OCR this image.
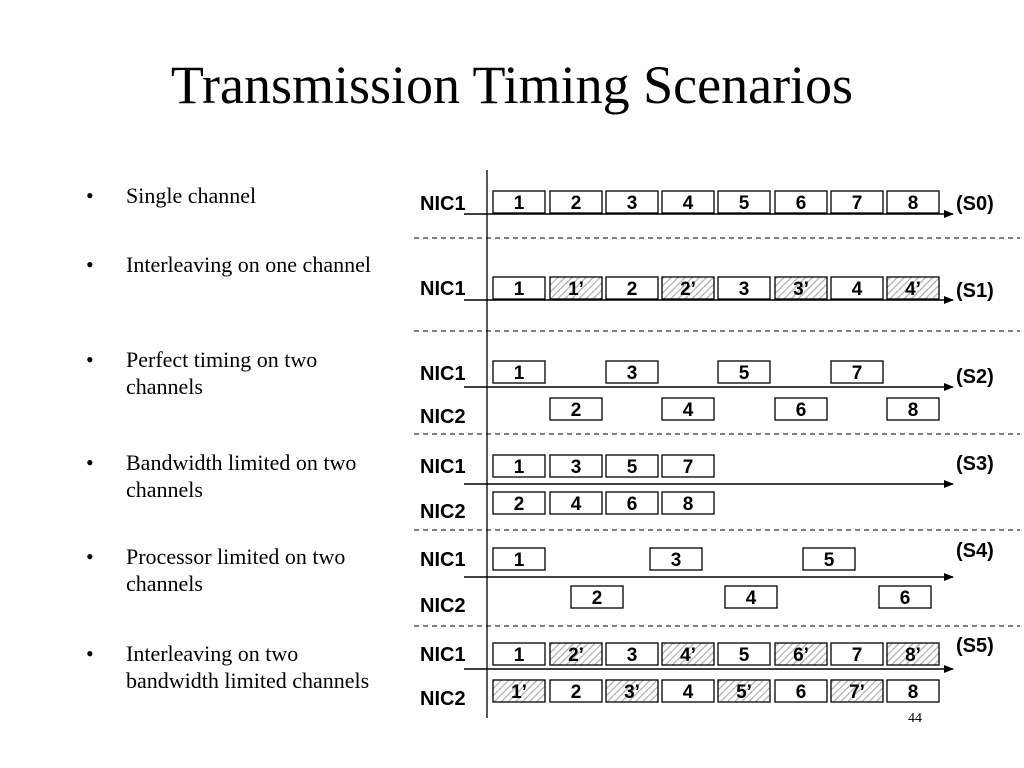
Transmission Timing Scenarios
• Single channel
• Interleaving on one channel
• Perfect timing on two channels
• Bandwidth limited on two channels
• Processor limited on two channels
• Interleaving on two bandwidth limited channels
(S0)
NIC1	1 2 3 4 5 6 7 8
(S1)
NIC1	1 1’ 2 2’ 3 3’ 4 4’
(S2)
NIC1	1	3	5	7
NIC2	2	4	6	8
(S3)
NIC1	1 3 5 7
NIC2	2 4 6 8
(S4)
NIC1	1	3	5
NIC2	2	4	6
(S5)
NIC1	1 2’ 3 4’ 5 6’ 7 8’
NIC2 1’ 2 3’ 4 5’ 6 7’ 8
44
